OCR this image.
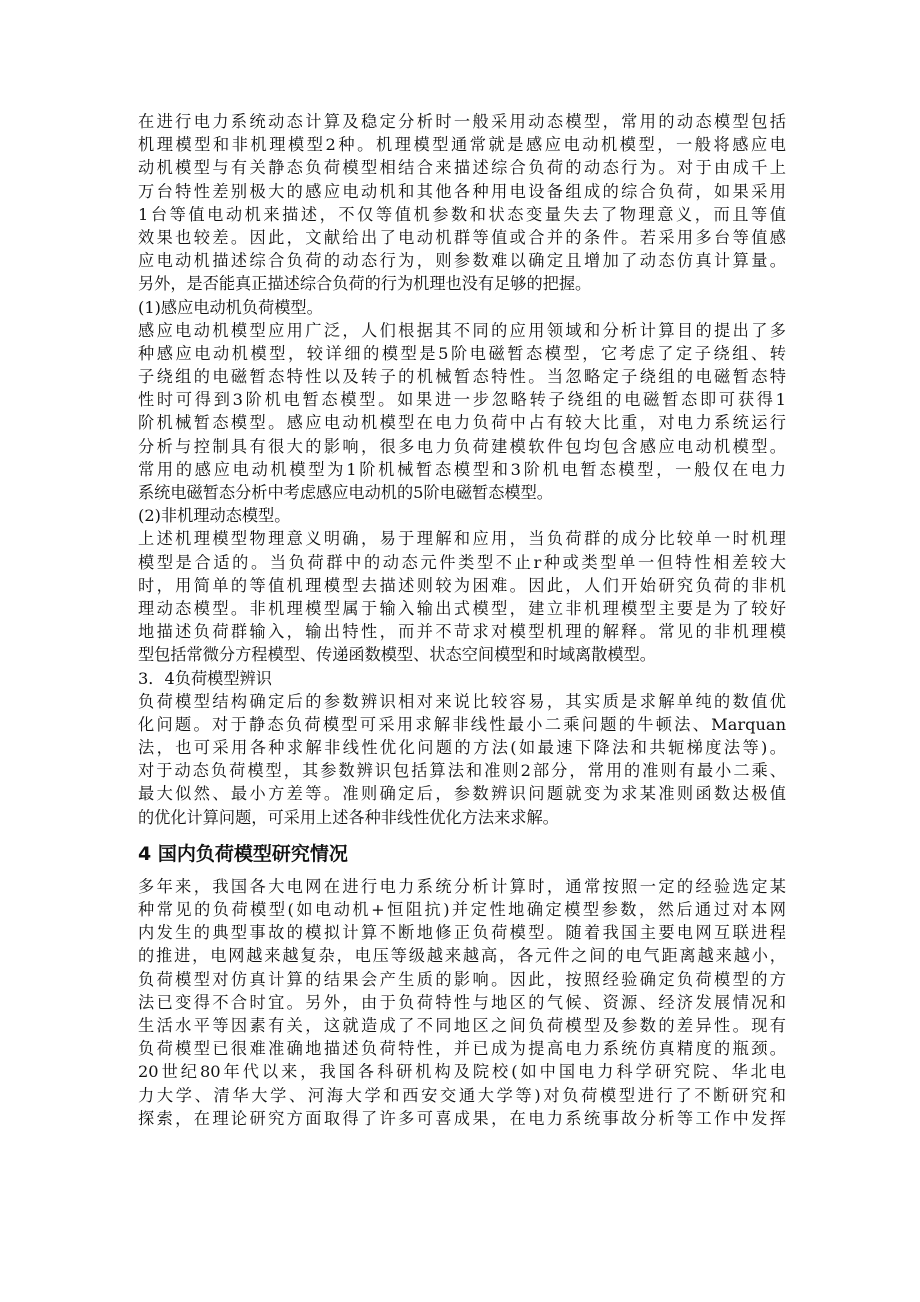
在进行电力系统动态计算及稳定分析时一般采用动态模型，常用的动态模型包括
机理模型和非机理模型2种。机理模型通常就是感应电动机模型，一般将感应电
动机模型与有关静态负荷模型相结合来描述综合负荷的动态行为。对于由成千上
万台特性差别极大的感应电动机和其他各种用电设备组成的综合负荷，如果采用
1台等值电动机来描述，不仅等值机参数和状态变量失去了物理意义，而且等值
效果也较差。因此，文献给出了电动机群等值或合并的条件。若采用多台等值感
应电动机描述综合负荷的动态行为，则参数难以确定且增加了动态仿真计算量。
另外，是否能真正描述综合负荷的行为机理也没有足够的把握。
(1)感应电动机负荷模型。
感应电动机模型应用广泛，人们根据其不同的应用领域和分析计算目的提出了多
种感应电动机模型，较详细的模型是5阶电磁暂态模型，它考虑了定子绕组、转
子绕组的电磁暂态特性以及转子的机械暂态特性。当忽略定子绕组的电磁暂态特
性时可得到3阶机电暂态模型。如果进一步忽略转子绕组的电磁暂态即可获得1
阶机械暂态模型。感应电动机模型在电力负荷中占有较大比重，对电力系统运行
分析与控制具有很大的影响，很多电力负荷建模软件包均包含感应电动机模型。
常用的感应电动机模型为1阶机械暂态模型和3阶机电暂态模型，一般仅在电力
系统电磁暂态分析中考虑感应电动机的5阶电磁暂态模型。
(2)非机理动态模型。
上述机理模型物理意义明确，易于理解和应用，当负荷群的成分比较单一时机理
模型是合适的。当负荷群中的动态元件类型不止r种或类型单一但特性相差较大
时，用简单的等值机理模型去描述则较为困难。因此，人们开始研究负荷的非机
理动态模型。非机理模型属于输入输出式模型，建立非机理模型主要是为了较好
地描述负荷群输入，输出特性，而并不苛求对模型机理的解释。常见的非机理模
型包括常微分方程模型、传递函数模型、状态空间模型和时域离散模型。
3．4负荷模型辨识
负荷模型结构确定后的参数辨识相对来说比较容易，其实质是求解单纯的数值优
化问题。对于静态负荷模型可采用求解非线性最小二乘问题的牛顿法、Marquan
法，也可采用各种求解非线性优化问题的方法(如最速下降法和共轭梯度法等)。
对于动态负荷模型，其参数辨识包括算法和准则2部分，常用的准则有最小二乘、
最大似然、最小方差等。准则确定后，参数辨识问题就变为求某准则函数达极值
的优化计算问题，可采用上述各种非线性优化方法来求解。
4 国内负荷模型研究情况
多年来，我国各大电网在进行电力系统分析计算时，通常按照一定的经验选定某
种常见的负荷模型(如电动机+恒阻抗)并定性地确定模型参数，然后通过对本网
内发生的典型事故的模拟计算不断地修正负荷模型。随着我国主要电网互联进程
的推进，电网越来越复杂，电压等级越来越高，各元件之间的电气距离越来越小，
负荷模型对仿真计算的结果会产生质的影响。因此，按照经验确定负荷模型的方
法已变得不合时宜。另外，由于负荷特性与地区的气候、资源、经济发展情况和
生活水平等因素有关，这就造成了不同地区之间负荷模型及参数的差异性。现有
负荷模型已很难准确地描述负荷特性，并已成为提高电力系统仿真精度的瓶颈。
20世纪80年代以来，我国各科研机构及院校(如中国电力科学研究院、华北电
力大学、清华大学、河海大学和西安交通大学等)对负荷模型进行了不断研究和
探索，在理论研究方面取得了许多可喜成果，在电力系统事故分析等工作中发挥
